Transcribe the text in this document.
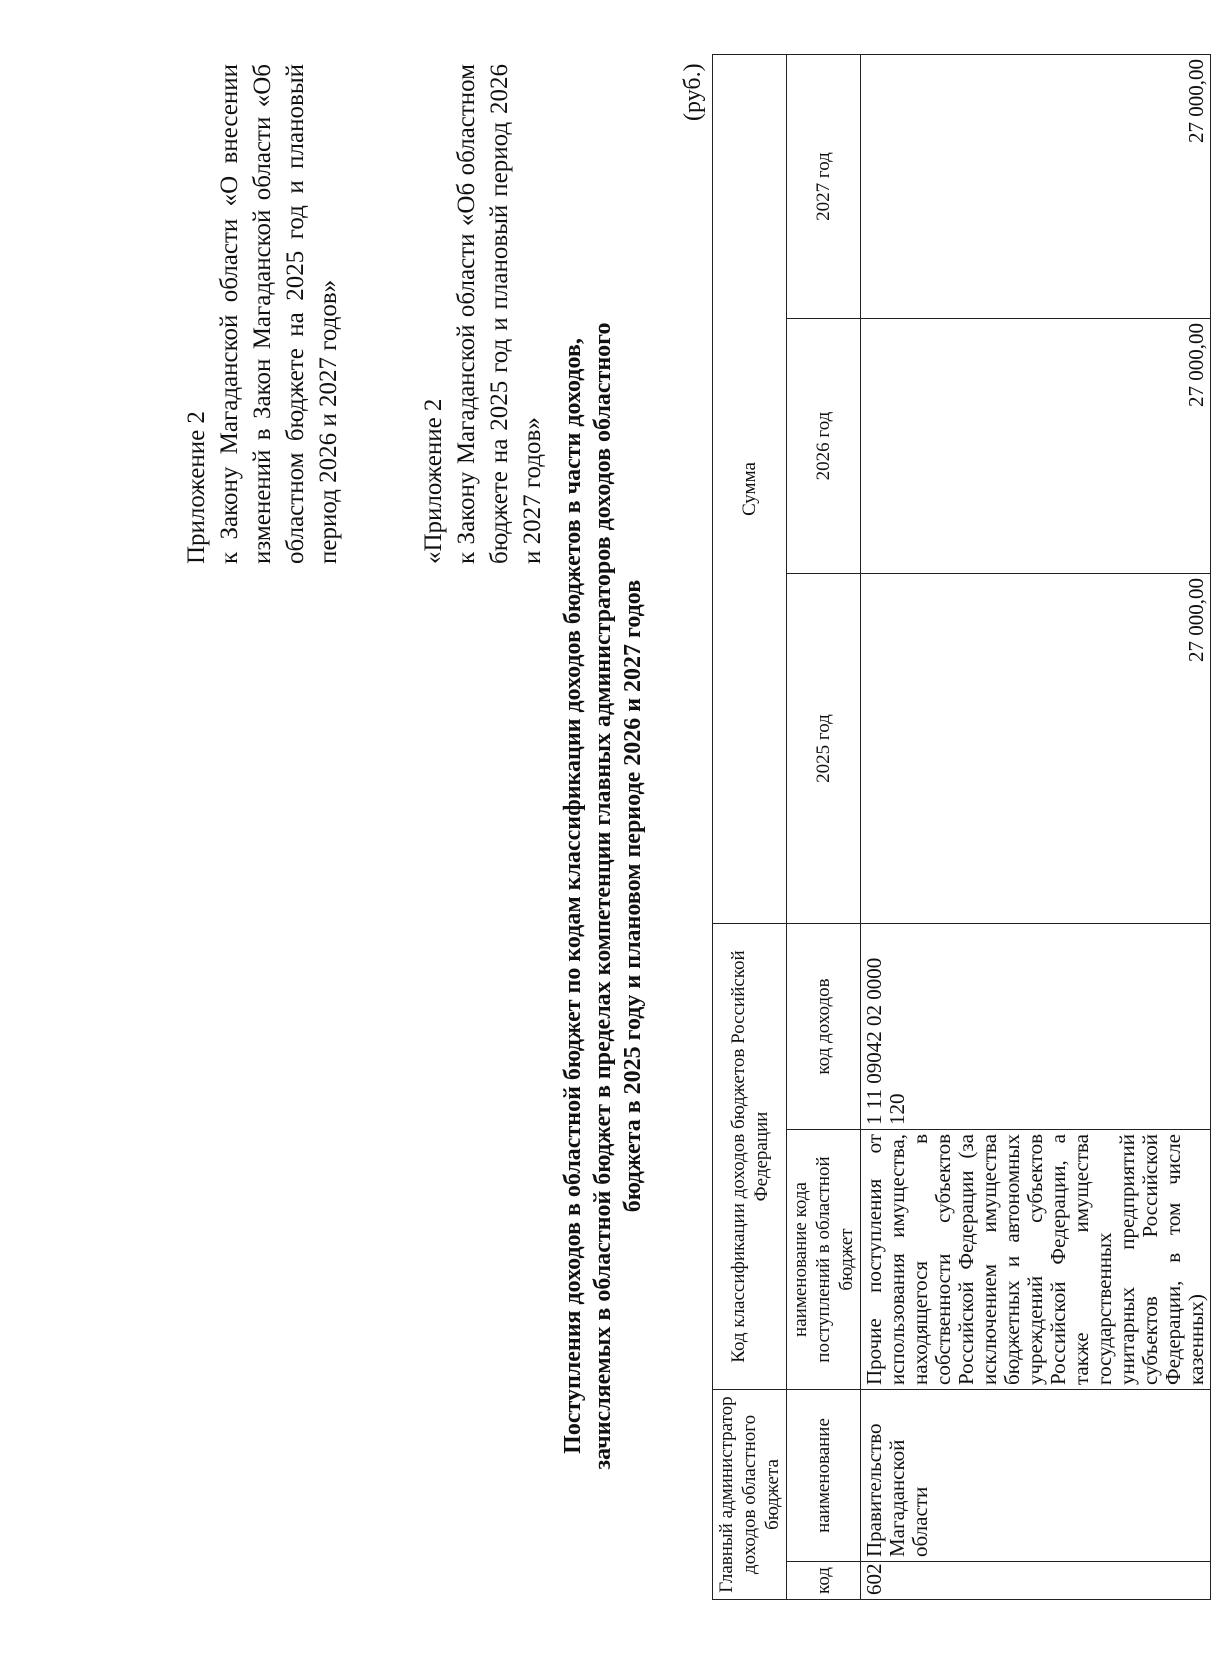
Приложение 2 к Закону Магаданской области «О внесении изменений в Закон Магаданской области «Об областном бюджете на 2025 год и плановый период 2026 и 2027 годов»	«Приложение 2 к Закону Магаданской области «Об областном бюджете на 2025 год и плановый период 2026 и 2027 годов» Поступления доходов в областной бюджет по кодам классификации доходов бюджетов в части доходов, зачисляемых в областной бюджет в пределах компетенции главных администраторов доходов областного бюджета в 2025 году и плановом периоде 2026 и 2027 годов
(руб.)
Главный администратор доходов областного бюджета		Код классификации доходов бюджетов Российской Федерации		Сумма		
код	наименование	наименование кода поступлений в областной бюджет	код доходов	2025 год	2026 год	2027 год
602	Правительство Магаданской области	Прочие поступления от использования имущества, находящегося в собственности субъектов Российской Федерации (за исключением имущества бюджетных и автономных учреждений субъектов Российской Федерации, а также имущества государственных унитарных предприятий субъектов Российской Федерации, в том числе казенных)	1 11 09042 02 0000 120	27 000,00	27 000,00	27 000,00
